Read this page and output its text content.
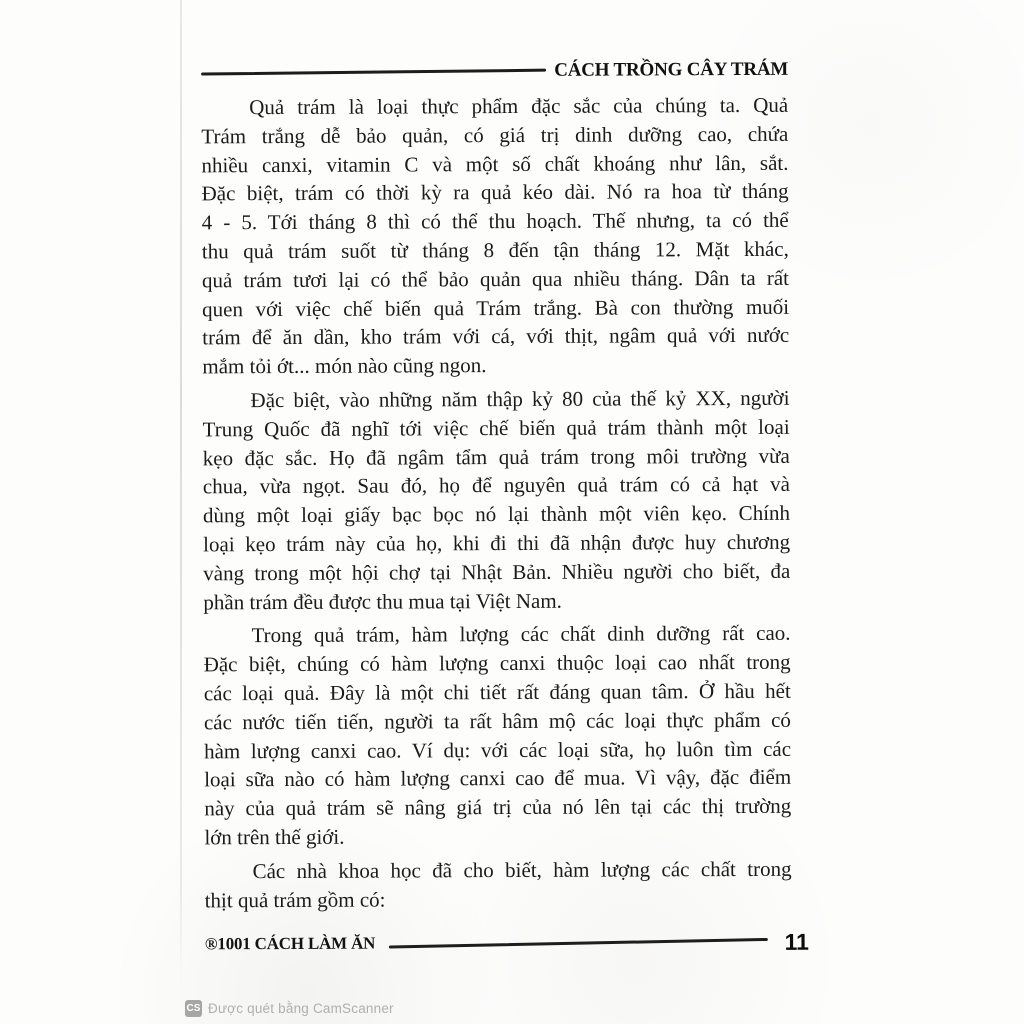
CÁCH TRỒNG CÂY TRÁM
Quả trám là loại thực phẩm đặc sắc của chúng ta. Quả
Trám trắng dễ bảo quản, có giá trị dinh dưỡng cao, chứa
nhiều canxi, vitamin C và một số chất khoáng như lân, sắt.
Đặc biệt, trám có thời kỳ ra quả kéo dài. Nó ra hoa từ tháng
4 - 5. Tới tháng 8 thì có thể thu hoạch. Thế nhưng, ta có thể
thu quả trám suốt từ tháng 8 đến tận tháng 12. Mặt khác,
quả trám tươi lại có thể bảo quản qua nhiều tháng. Dân ta rất
quen với việc chế biến quả Trám trắng. Bà con thường muối
trám để ăn dần, kho trám với cá, với thịt, ngâm quả với nước
mắm tỏi ớt... món nào cũng ngon.
Đặc biệt, vào những năm thập kỷ 80 của thế kỷ XX, người
Trung Quốc đã nghĩ tới việc chế biến quả trám thành một loại
kẹo đặc sắc. Họ đã ngâm tẩm quả trám trong môi trường vừa
chua, vừa ngọt. Sau đó, họ để nguyên quả trám có cả hạt và
dùng một loại giấy bạc bọc nó lại thành một viên kẹo. Chính
loại kẹo trám này của họ, khi đi thi đã nhận được huy chương
vàng trong một hội chợ tại Nhật Bản. Nhiều người cho biết, đa
phần trám đều được thu mua tại Việt Nam.
Trong quả trám, hàm lượng các chất dinh dưỡng rất cao.
Đặc biệt, chúng có hàm lượng canxi thuộc loại cao nhất trong
các loại quả. Đây là một chi tiết rất đáng quan tâm. Ở hầu hết
các nước tiến tiến, người ta rất hâm mộ các loại thực phẩm có
hàm lượng canxi cao. Ví dụ: với các loại sữa, họ luôn tìm các
loại sữa nào có hàm lượng canxi cao để mua. Vì vậy, đặc điểm
này của quả trám sẽ nâng giá trị của nó lên tại các thị trường
lớn trên thế giới.
Các nhà khoa học đã cho biết, hàm lượng các chất trong
thịt quả trám gồm có:
®1001 CÁCH LÀM ĂN	11
CS Được quét bằng CamScanner
